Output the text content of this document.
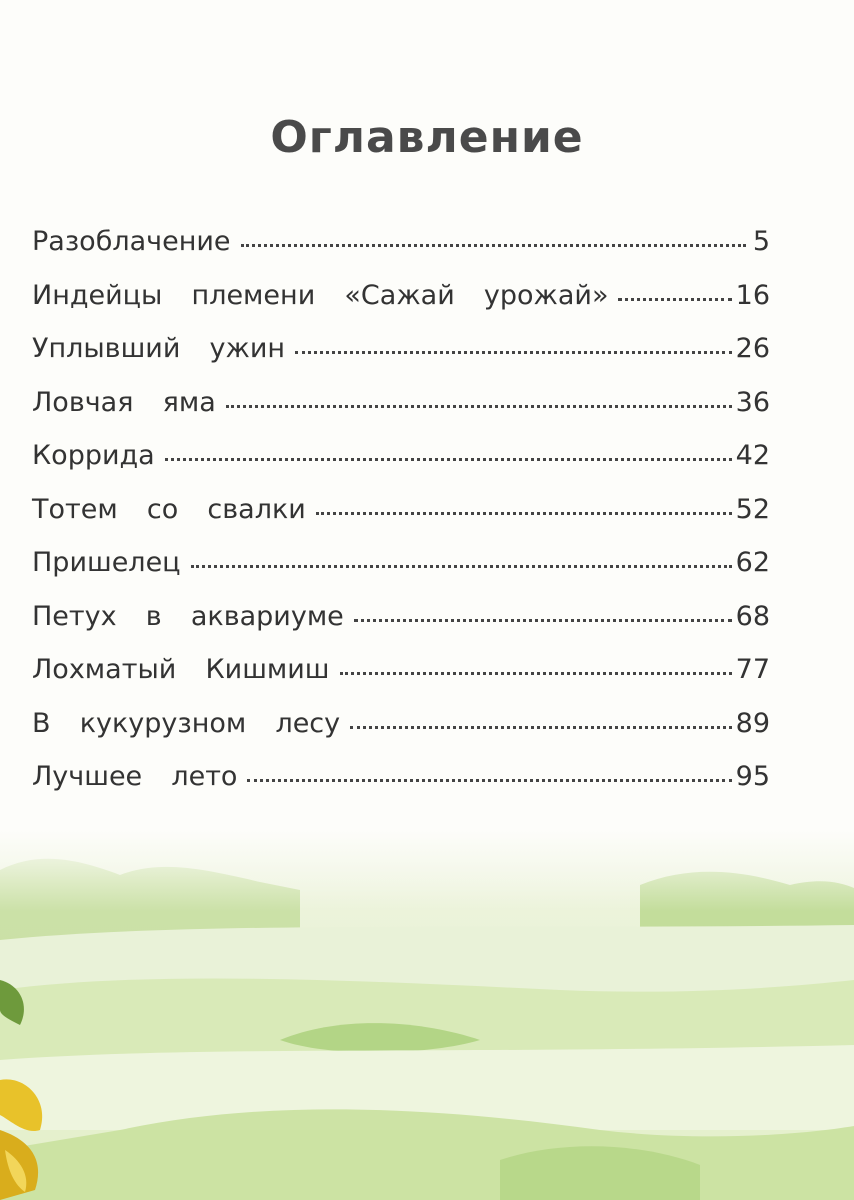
Оглавление
Разоблачение	5
Индейцы  племени  «Сажай  урожай»	16
Уплывший  ужин	26
Ловчая  яма	36
Коррида	42
Тотем  со  свалки	52
Пришелец	62
Петух  в  аквариуме	68
Лохматый  Кишмиш	77
В  кукурузном  лесу	89
Лучшее  лето	95
